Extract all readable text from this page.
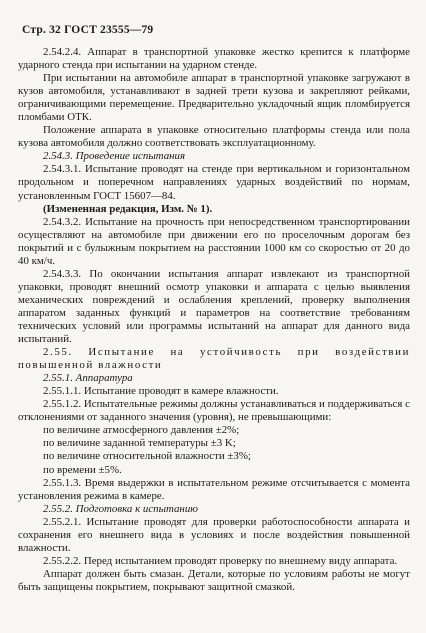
Стр. 32 ГОСТ 23555—79

2.54.2.4. Аппарат в транспортной упаковке жестко крепится к платформе ударного стенда при испытании на ударном стенде.

При испытании на автомобиле аппарат в транспортной упаковке загружают в кузов автомобиля, устанавливают в задней трети кузова и закрепляют рейками, ограничивающими перемещение. Предварительно укладочный ящик пломбируется пломбами ОТК.

Положение аппарата в упаковке относительно платформы стенда или пола кузова автомобиля должно соответствовать эксплуатационному.

2.54.3. Проведение испытания

2.54.3.1. Испытание проводят на стенде при вертикальном и горизонтальном продольном и поперечном направлениях ударных воздействий по нормам, установленным ГОСТ 15607—84.

(Измененная редакция, Изм. № 1).

2.54.3.2. Испытание на прочность при непосредственном транспортировании осуществляют на автомобиле при движении его по проселочным дорогам без покрытий и с булыжным покрытием на расстоянии 1000 км со скоростью от 20 до 40 км/ч.

2.54.3.3. По окончании испытания аппарат извлекают из транспортной упаковки, проводят внешний осмотр упаковки и аппарата с целью выявления механических повреждений и ослабления креплений, проверку выполнения аппаратом заданных функций и параметров на соответствие требованиям технических условий или программы испытаний на аппарат для данного вида испытаний.

2.55. Испытание на устойчивость при воздействии повышенной влажности

2.55.1. Аппаратура

2.55.1.1. Испытание проводят в камере влажности.

2.55.1.2. Испытательные режимы должны устанавливаться и поддерживаться с отклонениями от заданного значения (уровня), не превышающими:

по величине атмосферного давления ±2%;

по величине заданной температуры ±3 K;

по величине относительной влажности ±3%;

по времени ±5%.

2.55.1.3. Время выдержки в испытательном режиме отсчитывается с момента установления режима в камере.

2.55.2. Подготовка к испытанию

2.55.2.1. Испытание проводят для проверки работоспособности аппарата и сохранения его внешнего вида в условиях и после воздействия повышенной влажности.

2.55.2.2. Перед испытанием проводят проверку по внешнему виду аппарата.

Аппарат должен быть смазан. Детали, которые по условиям работы не могут быть защищены покрытием, покрывают защитной смазкой.
